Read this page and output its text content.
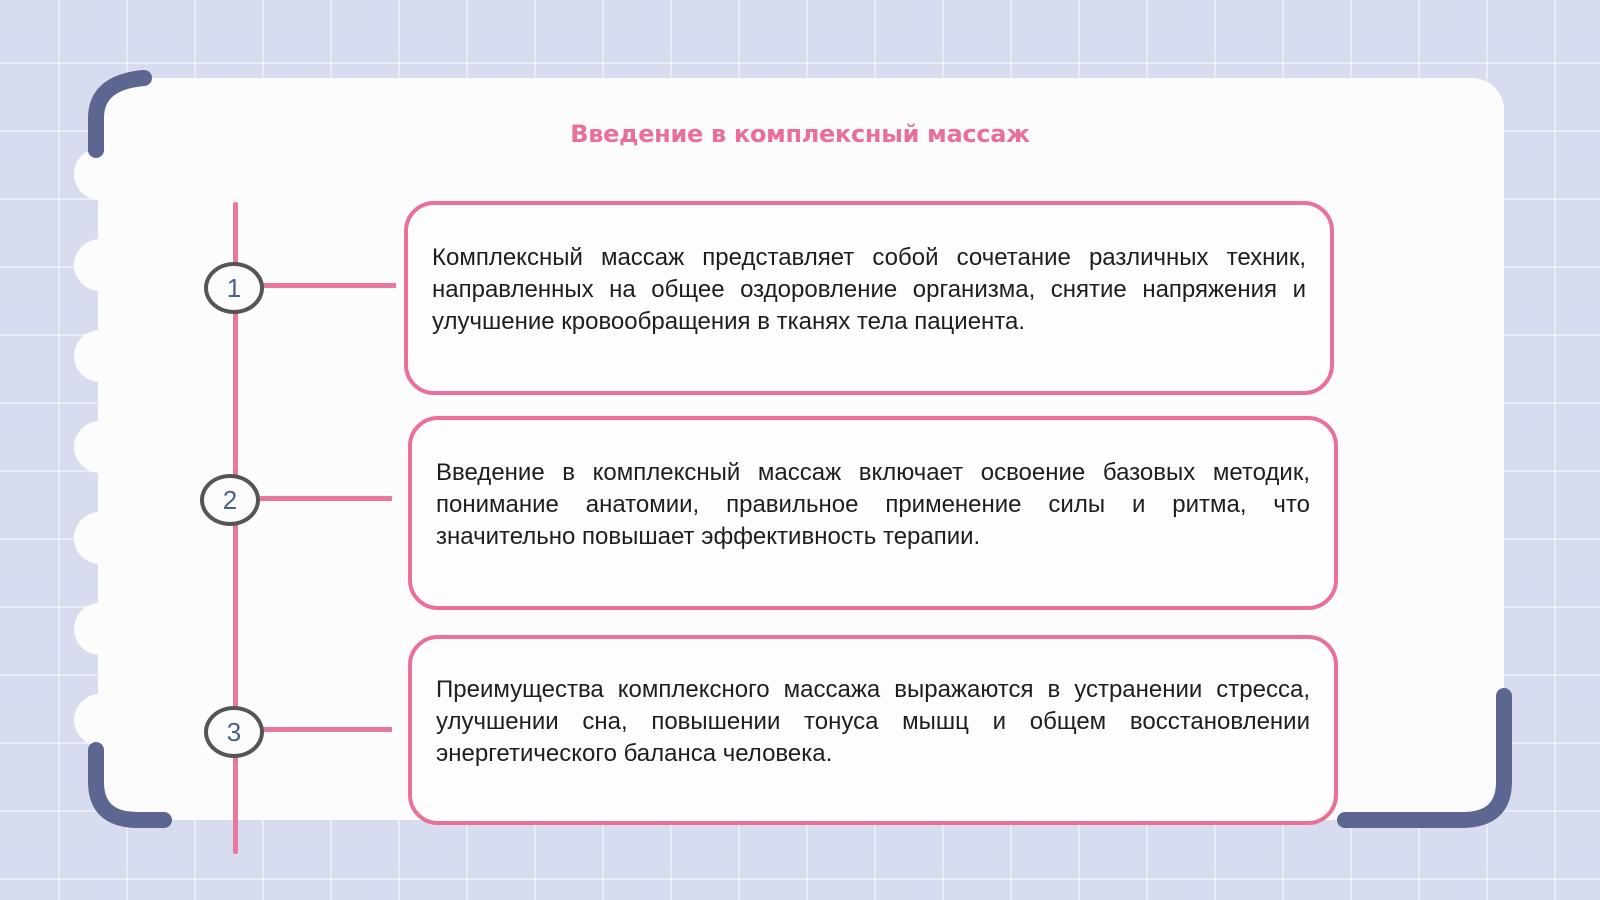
Введение в комплексный массаж
1
2
3

Комплексный массаж представляет собой сочетание различных техник, направленных на общее оздоровление организма, снятие напряжения и улучшение кровообращения в тканях тела пациента.

Введение в комплексный массаж включает освоение базовых методик, понимание анатомии, правильное применение силы и ритма, что значительно повышает эффективность терапии.

Преимущества комплексного массажа выражаются в устранении стресса, улучшении сна, повышении тонуса мышц и общем восстановлении энергетического баланса человека.
